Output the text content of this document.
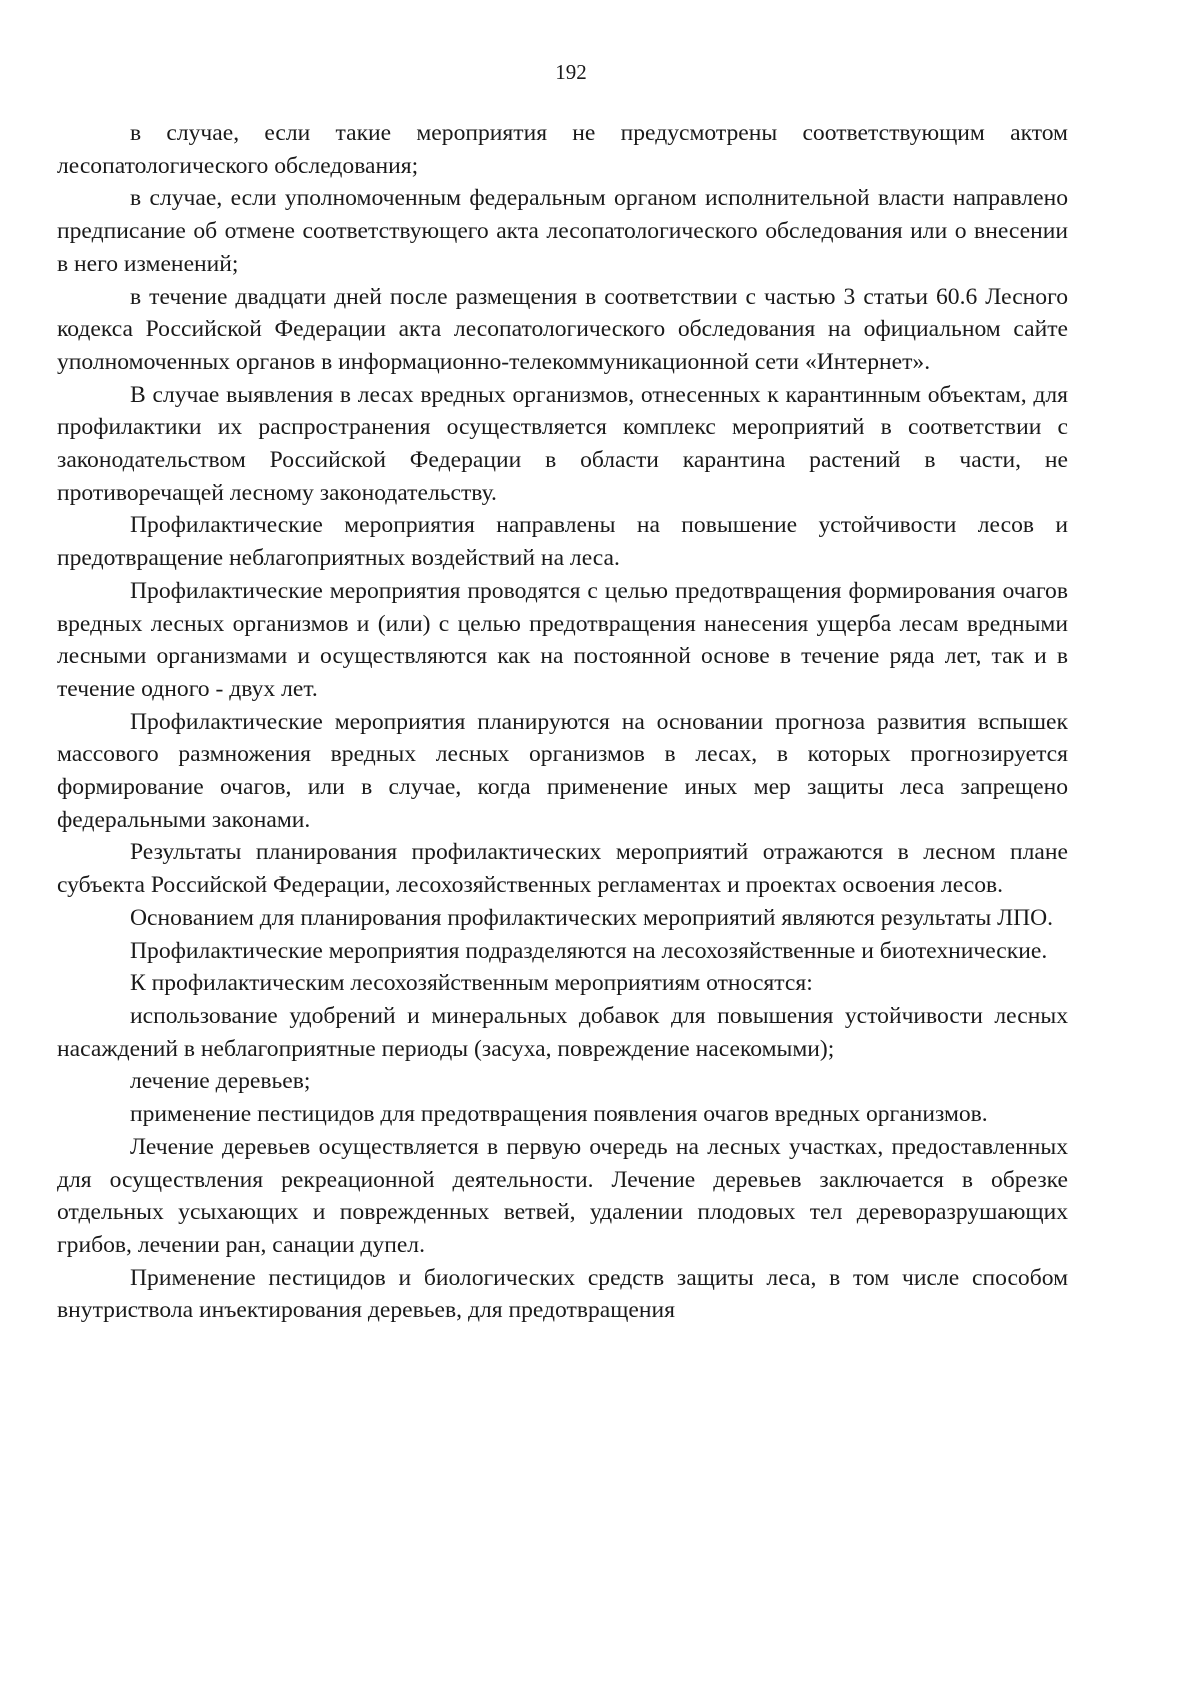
192

в случае, если такие мероприятия не предусмотрены соответствующим актом лесопатологического обследования;

в случае, если уполномоченным федеральным органом исполнительной власти направлено предписание об отмене соответствующего акта лесопатологического обследования или о внесении в него изменений;

в течение двадцати дней после размещения в соответствии с частью 3 статьи 60.6 Лесного кодекса Российской Федерации акта лесопатологического обследования на официальном сайте уполномоченных органов в информационно-телекоммуникационной сети «Интернет».

В случае выявления в лесах вредных организмов, отнесенных к карантинным объектам, для профилактики их распространения осуществляется комплекс мероприятий в соответствии с законодательством Российской Федерации в области карантина растений в части, не противоречащей лесному законодательству.

Профилактические мероприятия направлены на повышение устойчивости лесов и предотвращение неблагоприятных воздействий на леса.

Профилактические мероприятия проводятся с целью предотвращения формирования очагов вредных лесных организмов и (или) с целью предотвращения нанесения ущерба лесам вредными лесными организмами и осуществляются как на постоянной основе в течение ряда лет, так и в течение одного - двух лет.

Профилактические мероприятия планируются на основании прогноза развития вспышек массового размножения вредных лесных организмов в лесах, в которых прогнозируется формирование очагов, или в случае, когда применение иных мер защиты леса запрещено федеральными законами.

Результаты планирования профилактических мероприятий отражаются в лесном плане субъекта Российской Федерации, лесохозяйственных регламентах и проектах освоения лесов.

Основанием для планирования профилактических мероприятий являются результаты ЛПО.

Профилактические мероприятия подразделяются на лесохозяйственные и биотехнические.

К профилактическим лесохозяйственным мероприятиям относятся:

использование удобрений и минеральных добавок для повышения устойчивости лесных насаждений в неблагоприятные периоды (засуха, повреждение насекомыми);

лечение деревьев;

применение пестицидов для предотвращения появления очагов вредных организмов.

Лечение деревьев осуществляется в первую очередь на лесных участках, предоставленных для осуществления рекреационной деятельности. Лечение деревьев заключается в обрезке отдельных усыхающих и поврежденных ветвей, удалении плодовых тел дереворазрушающих грибов, лечении ран, санации дупел.

Применение пестицидов и биологических средств защиты леса, в том числе способом внутриствола инъектирования деревьев, для предотвращения
